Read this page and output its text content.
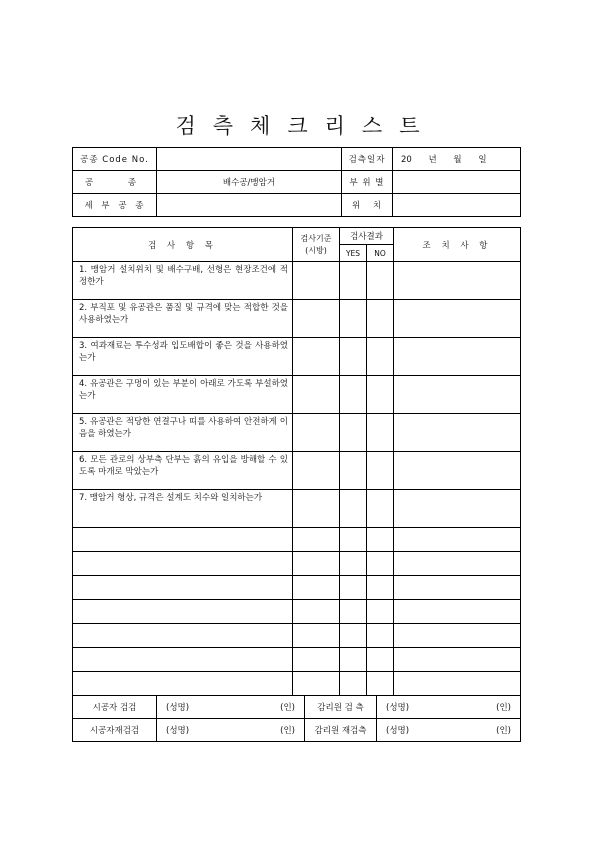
검측체크리스트
공종 Code No.		검측일자	20 년 월 일
공 종	배수공/맹암거	부 위 별	
세 부 공 종		위 치	
검 사 항 목	검사기준 (시방)	검사결과		조 치 사 항
		YES	NO	
1. 맹암거 설치위치 및 배수구배, 선형은 현장조건에 적정한가				
2. 부직포 및 유공관은 품질 및 규격에 맞는 적합한 것을 사용하였는가				
3. 여과재료는 투수성과 입도배합이 좋은 것을 사용하였는가				
4. 유공관은 구멍이 있는 부분이 아래로 가도록 부설하였는가				
5. 유공관은 적당한 연결구나 띠를 사용하여 안전하게 이음을 하였는가				
6. 모든 관로의 상부측 단부는 흙의 유입을 방해할 수 있도록 마개로 막았는가				
7. 맹암거 형상, 규격은 설계도 치수와 일치하는가				

시공자 검검	(성명) (인)	감리원 검 측	(성명) (인)

시공자재검검	(성명) (인)	감리원 재검측	(성명) (인)
